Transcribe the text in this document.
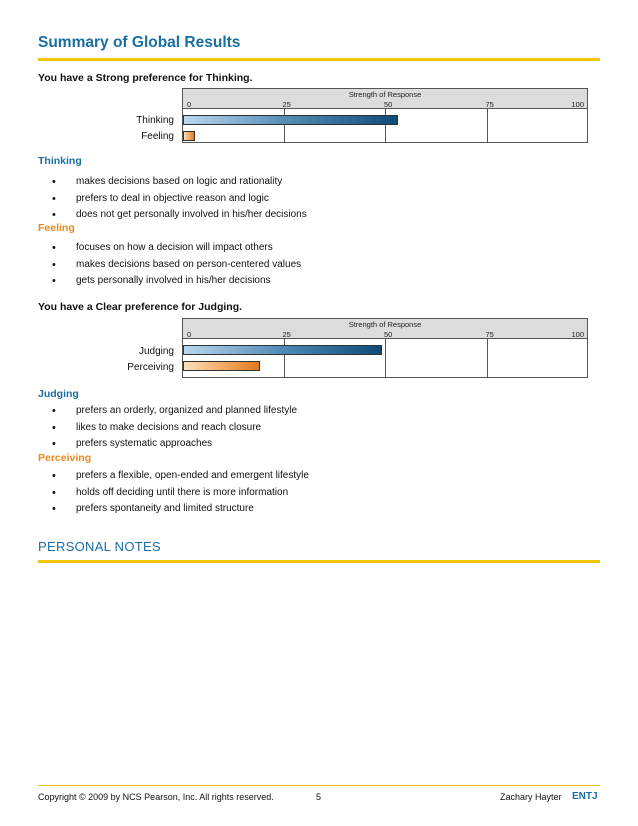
Summary of Global Results
You have a Strong preference for Thinking.
Strength of Response
0	25	50	75	100
Thinking
Feeling
Thinking
• makes decisions based on logic and rationality
• prefers to deal in objective reason and logic
• does not get personally involved in his/her decisions
Feeling
• focuses on how a decision will impact others
• makes decisions based on person-centered values
• gets personally involved in his/her decisions
You have a Clear preference for Judging.
Strength of Response
0	25	50	75	100
Judging
Perceiving
Judging
• prefers an orderly, organized and planned lifestyle
• likes to make decisions and reach closure
• prefers systematic approaches
Perceiving
• prefers a flexible, open-ended and emergent lifestyle
• holds off deciding until there is more information
• prefers spontaneity and limited structure
PERSONAL NOTES
Copyright © 2009 by NCS Pearson, Inc. All rights reserved.	5	Zachary Hayter ENTJ
